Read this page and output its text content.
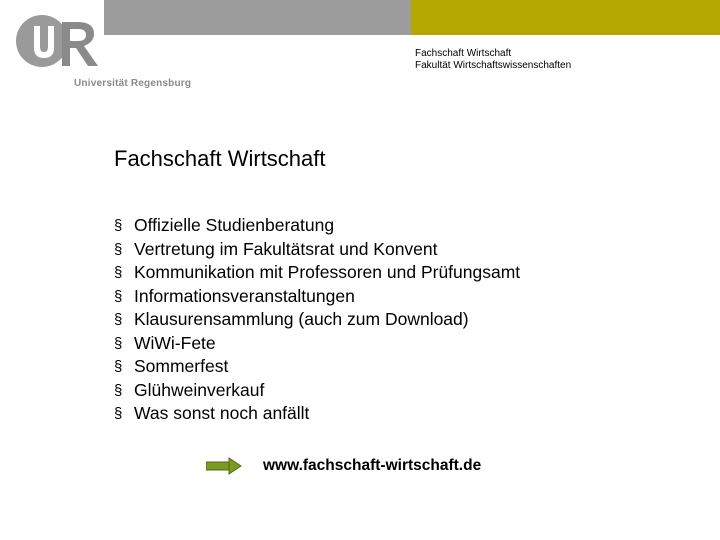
Universität Regensburg
Fachschaft Wirtschaft
Fakultät Wirtschaftswissenschaften
Fachschaft Wirtschaft
§ Offizielle Studienberatung
§ Vertretung im Fakultätsrat und Konvent
§ Kommunikation mit Professoren und Prüfungsamt
§ Informationsveranstaltungen
§ Klausurensammlung (auch zum Download)
§ WiWi-Fete
§ Sommerfest
§ Glühweinverkauf
§ Was sonst noch anfällt
www.fachschaft-wirtschaft.de
